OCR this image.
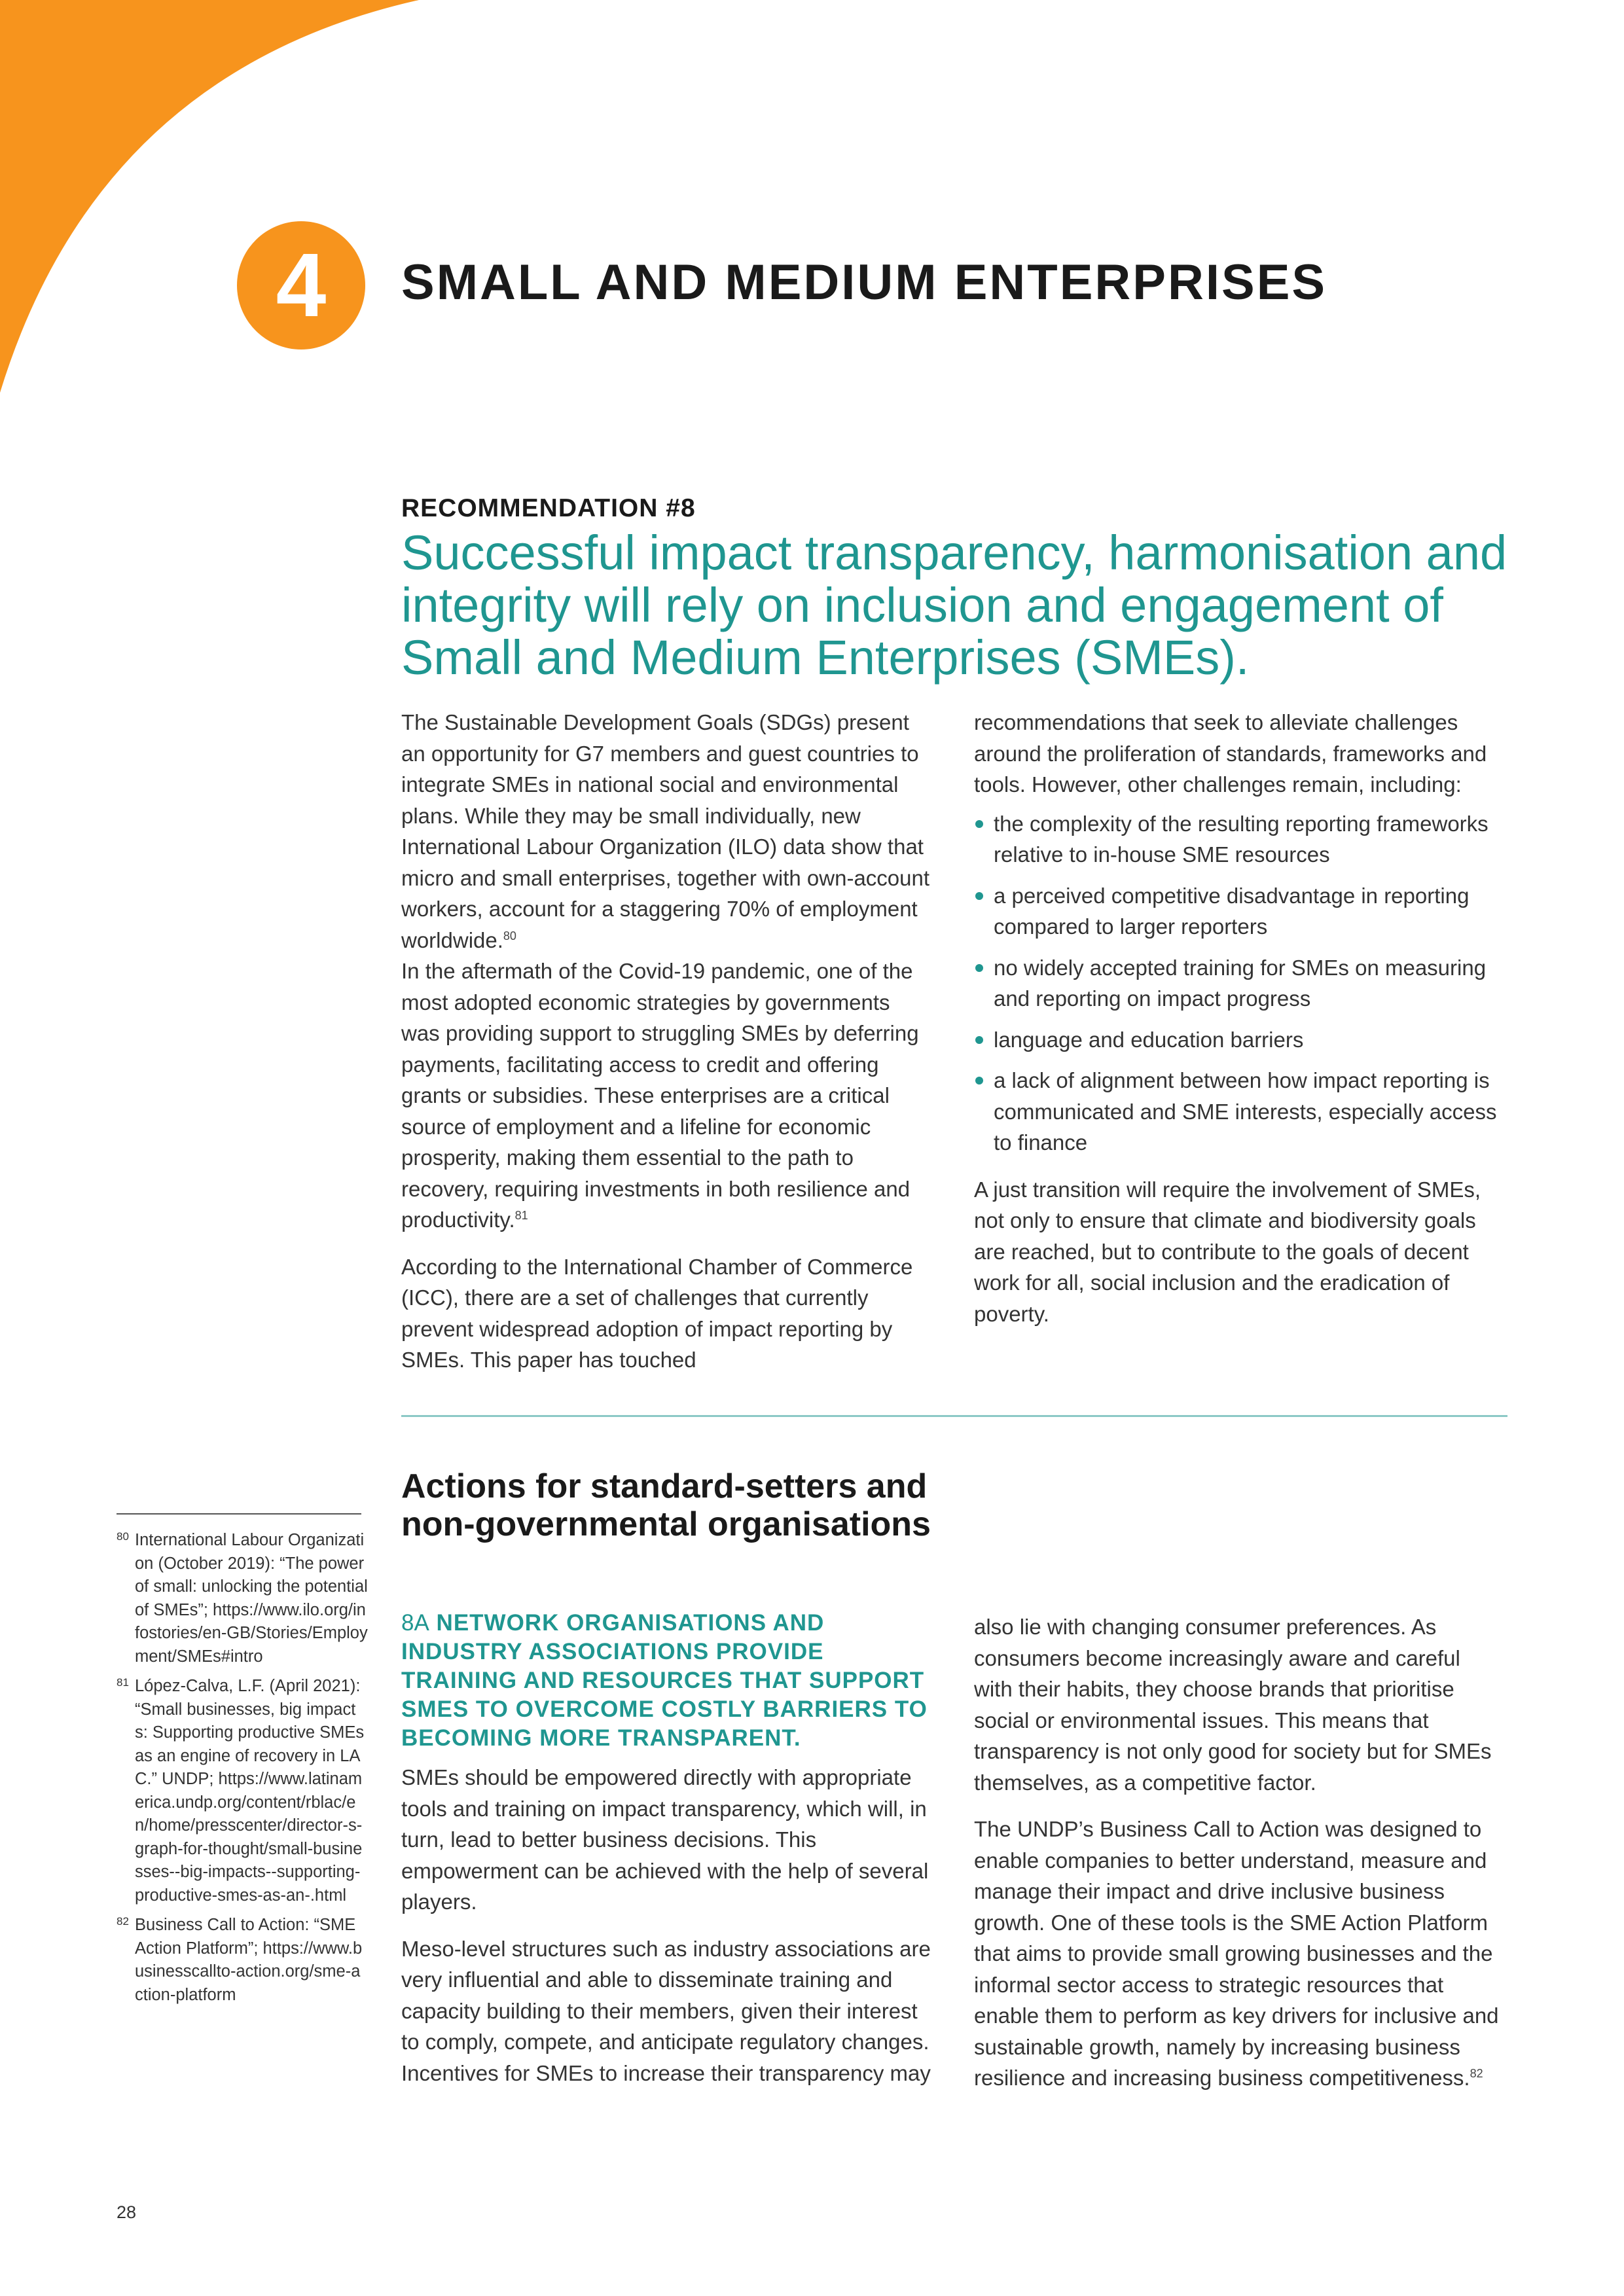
4 SMALL AND MEDIUM ENTERPRISES
RECOMMENDATION #8
Successful impact transparency, harmonisation and integrity will rely on inclusion and engagement of Small and Medium Enterprises (SMEs).

The Sustainable Development Goals (SDGs) present an opportunity for G7 members and guest countries to integrate SMEs in national social and environmental plans. While they may be small individually, new International Labour Organization (ILO) data show that micro and small enterprises, together with own-account workers, account for a staggering 70% of employment worldwide.$^{80}$

In the aftermath of the Covid-19 pandemic, one of the most adopted economic strategies by governments was providing support to struggling SMEs by deferring payments, facilitating access to credit and offering grants or subsidies. These enterprises are a critical source of employment and a lifeline for economic prosperity, making them essential to the path to recovery, requiring investments in both resilience and productivity.$^{81}$

According to the International Chamber of Commerce (ICC), there are a set of challenges that currently prevent widespread adoption of impact reporting by SMEs. This paper has touched

recommendations that seek to alleviate challenges around the proliferation of standards, frameworks and tools. However, other challenges remain, including:

the complexity of the resulting reporting frameworks relative to in-house SME resources
a perceived competitive disadvantage in reporting compared to larger reporters
no widely accepted training for SMEs on measuring and reporting on impact progress
language and education barriers
a lack of alignment between how impact reporting is communicated and SME interests, especially access to finance

A just transition will require the involvement of SMEs, not only to ensure that climate and biodiversity goals are reached, but to contribute to the goals of decent work for all, social inclusion and the eradication of poverty.

Actions for standard-setters and non-governmental organisations
8A NETWORK ORGANISATIONS AND INDUSTRY ASSOCIATIONS PROVIDE TRAINING AND RESOURCES THAT SUPPORT SMES TO OVERCOME COSTLY BARRIERS TO BECOMING MORE TRANSPARENT.

SMEs should be empowered directly with appropriate tools and training on impact transparency, which will, in turn, lead to better business decisions. This empowerment can be achieved with the help of several players.

Meso-level structures such as industry associations are very influential and able to disseminate training and capacity building to their members, given their interest to comply, compete, and anticipate regulatory changes. Incentives for SMEs to increase their transparency may

also lie with changing consumer preferences. As consumers become increasingly aware and careful with their habits, they choose brands that prioritise social or environmental issues. This means that transparency is not only good for society but for SMEs themselves, as a competitive factor.

The UNDP’s Business Call to Action was designed to enable companies to better understand, measure and manage their impact and drive inclusive business growth. One of these tools is the SME Action Platform that aims to provide small growing businesses and the informal sector access to strategic resources that enable them to perform as key drivers for inclusive and sustainable growth, namely by increasing business resilience and increasing business competitiveness.$^{82}$

80 International Labour Organization (October 2019): “The power of small: unlocking the potential of SMEs”; https://www.ilo.org/infostories/en-GB/Stories/Employment/SMEs#intro
81 López-Calva, L.F. (April 2021): “Small businesses, big impacts: Supporting productive SMEs as an engine of recovery in LAC.” UNDP; https://www.latinamerica.undp.org/content/rblac/en/home/presscenter/director-s-graph-for-thought/small-businesses--big-impacts--supporting-productive-smes-as-an-.html
82 Business Call to Action: “SME Action Platform”; https://www.businesscallto-action.org/sme-action-platform
28
